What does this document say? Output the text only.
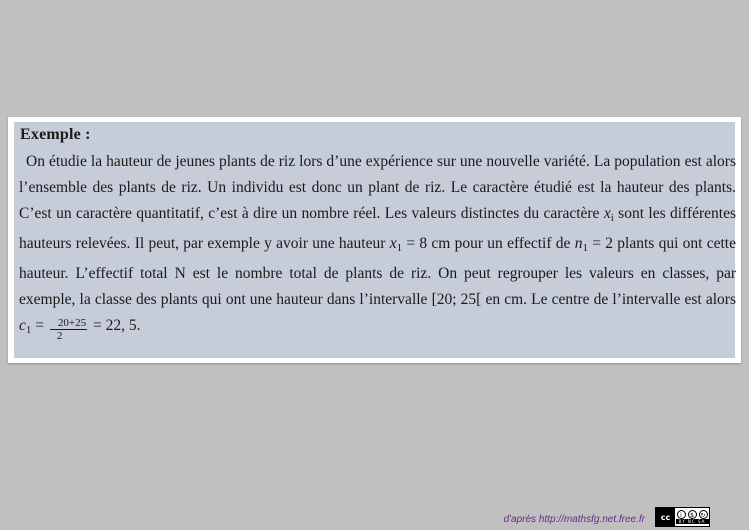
Exemple :

On étudie la hauteur de jeunes plants de riz lors d’une expérience sur une nouvelle variété. La population est alors l’ensemble des plants de riz. Un individu est donc un plant de riz. Le caractère étudié est la hauteur des plants. C’est un caractère quantitatif, c’est à dire un nombre réel. Les valeurs distinctes du caractère $x_i$ sont les différentes hauteurs relevées. Il peut, par exemple y avoir une hauteur $x_1 = 8$ cm pour un effectif de $n_1 = 2$ plants qui ont cette hauteur. L’effectif total N est le nombre total de plants de riz. On peut regrouper les valeurs en classes, par exemple, la classe des plants qui ont une hauteur dans l’intervalle [20; 25[ en cm. Le centre de l’intervalle est alors $c_1 = \frac{20+25}{2} = 22$, 5.

d'après http://mathsfg.net.free.fr	cc	i	$	↻
BY NC SA
